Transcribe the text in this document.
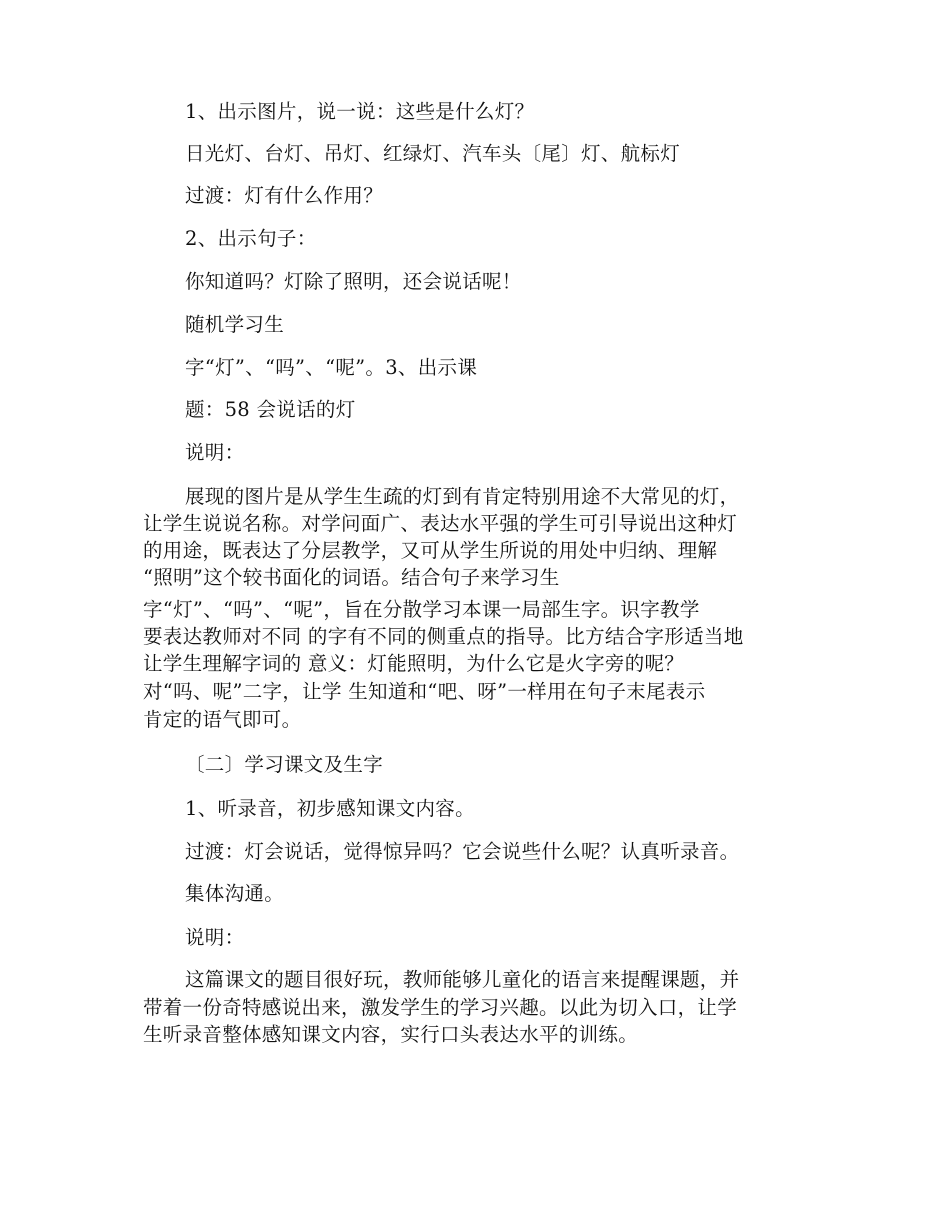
1、出示图片，说一说：这些是什么灯？
日光灯、台灯、吊灯、红绿灯、汽车头〔尾〕灯、航标灯
过渡：灯有什么作用？
2、出示句子：
你知道吗？灯除了照明，还会说话呢！
随机学习生
字“灯”、“吗”、“呢”。3、出示课
题：58 会说话的灯
说明：
展现的图片是从学生生疏的灯到有肯定特别用途不大常见的灯，
让学生说说名称。对学问面广、表达水平强的学生可引导说出这种灯
的用途，既表达了分层教学，又可从学生所说的用处中归纳、理解
“照明”这个较书面化的词语。结合句子来学习生
字“灯”、“吗”、“呢”，旨在分散学习本课一局部生字。识字教学
要表达教师对不同 的字有不同的侧重点的指导。比方结合字形适当地
让学生理解字词的 意义：灯能照明，为什么它是火字旁的呢？
对“吗、呢”二字，让学 生知道和“吧、呀”一样用在句子末尾表示
肯定的语气即可。
〔二〕学习课文及生字
1、听录音，初步感知课文内容。
过渡：灯会说话，觉得惊异吗？它会说些什么呢？认真听录音。
集体沟通。
说明：
这篇课文的题目很好玩，教师能够儿童化的语言来提醒课题，并
带着一份奇特感说出来，激发学生的学习兴趣。以此为切入口，让学
生听录音整体感知课文内容，实行口头表达水平的训练。
